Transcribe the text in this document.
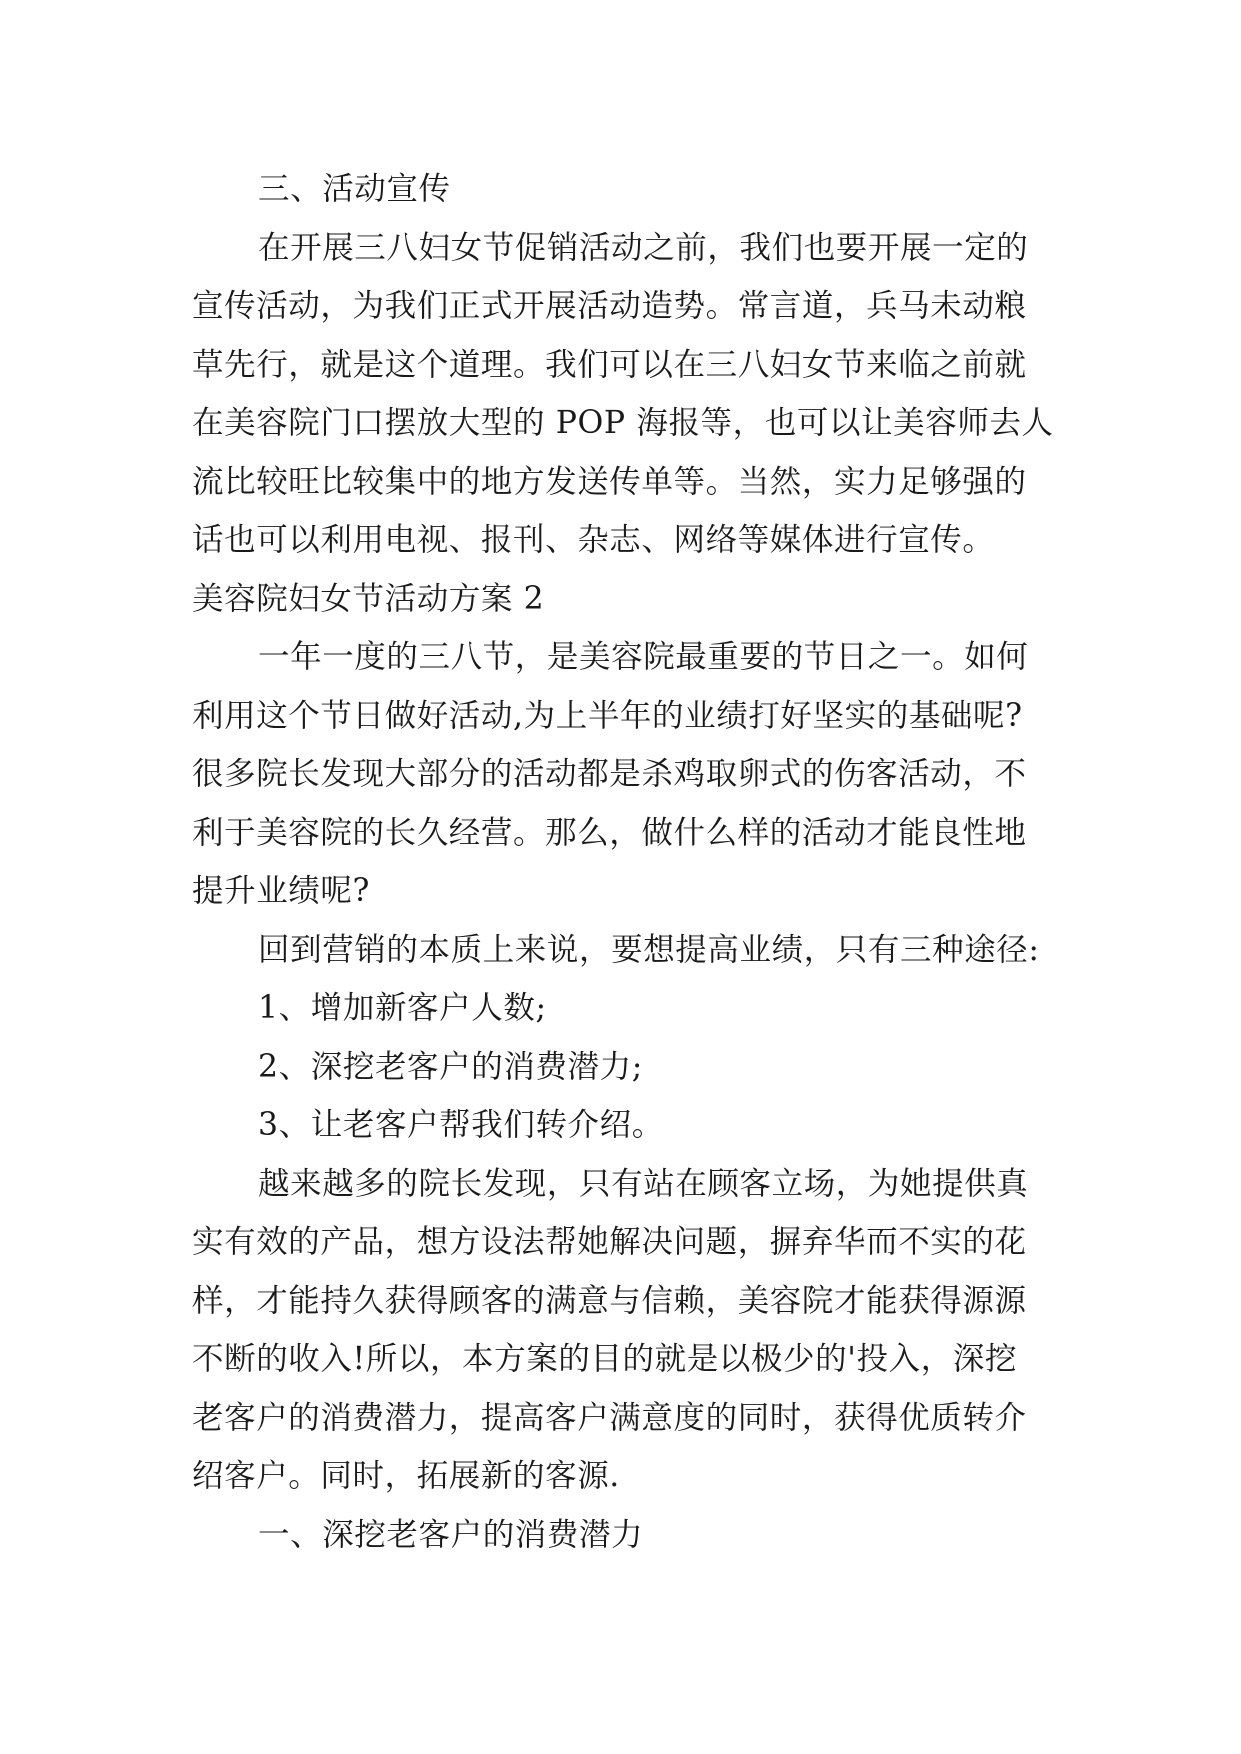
三、活动宣传
在开展三八妇女节促销活动之前，我们也要开展一定的
宣传活动，为我们正式开展活动造势。常言道，兵马未动粮
草先行，就是这个道理。我们可以在三八妇女节来临之前就
在美容院门口摆放大型的 POP 海报等，也可以让美容师去人
流比较旺比较集中的地方发送传单等。当然，实力足够强的
话也可以利用电视、报刊、杂志、网络等媒体进行宣传。
美容院妇女节活动方案 2
一年一度的三八节，是美容院最重要的节日之一。如何
利用这个节日做好活动,为上半年的业绩打好坚实的基础呢?
很多院长发现大部分的活动都是杀鸡取卵式的伤客活动，不
利于美容院的长久经营。那么，做什么样的活动才能良性地
提升业绩呢?
回到营销的本质上来说，要想提高业绩，只有三种途径:
1、增加新客户人数;
2、深挖老客户的消费潜力;
3、让老客户帮我们转介绍。
越来越多的院长发现，只有站在顾客立场，为她提供真
实有效的产品，想方设法帮她解决问题，摒弃华而不实的花
样，才能持久获得顾客的满意与信赖，美容院才能获得源源
不断的收入!所以，本方案的目的就是以极少的'投入，深挖
老客户的消费潜力，提高客户满意度的同时，获得优质转介
绍客户。同时，拓展新的客源.
一、深挖老客户的消费潜力
